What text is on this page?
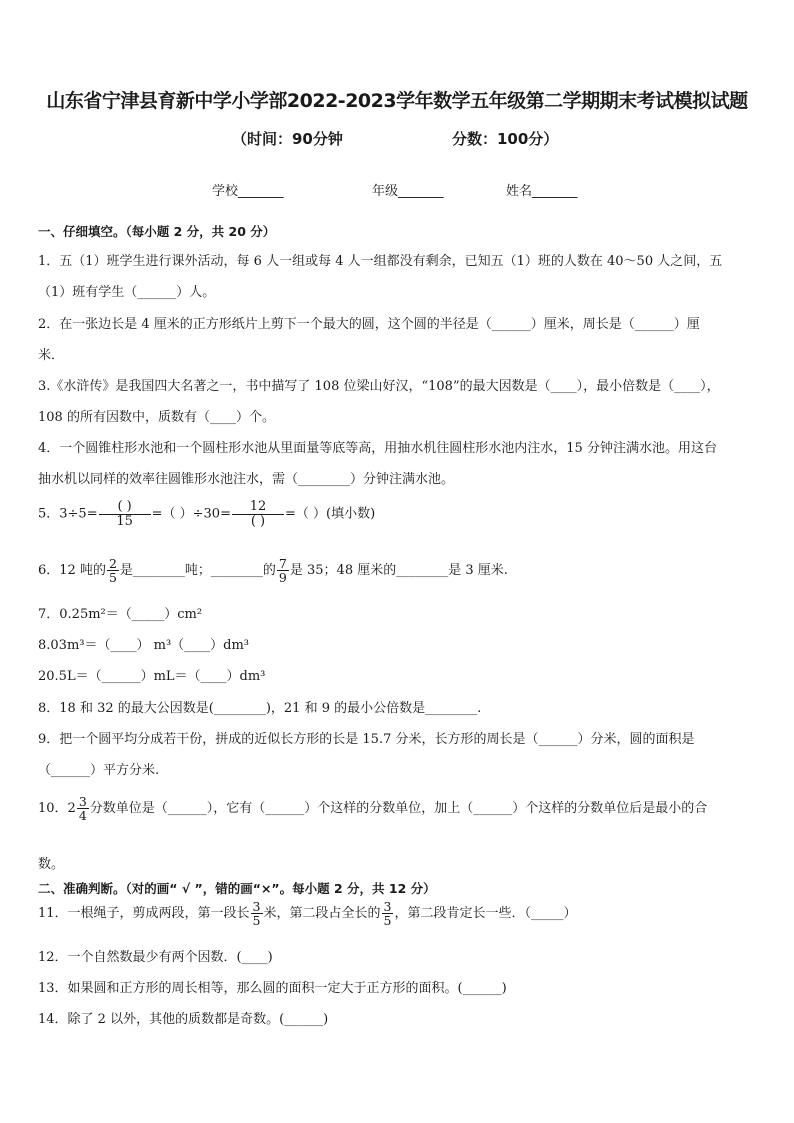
山东省宁津县育新中学小学部2022-2023学年数学五年级第二学期期末考试模拟试题
（时间：90分钟	分数：100分）
学校_______	年级_______	姓名_______
一、仔细填空。（每小题 2 分，共 20 分）
1．五（1）班学生进行课外活动，每 6 人一组或每 4 人一组都没有剩余，已知五（1）班的人数在 40～50 人之间，五
（1）班有学生（______）人。
2．在一张边长是 4 厘米的正方形纸片上剪下一个最大的圆，这个圆的半径是（______）厘米，周长是（______）厘
米．
3.《水浒传》是我国四大名著之一，书中描写了 108 位梁山好汉，“108”的最大因数是（____），最小倍数是（____），
108 的所有因数中，质数有（____）个。
4．一个圆锥柱形水池和一个圆柱形水池从里面量等底等高，用抽水机往圆柱形水池内注水，15 分钟注满水池。用这台
抽水机以同样的效率往圆锥形水池注水，需（________）分钟注满水池。
5．$3\div 5= \frac{( )}{15}$ =（ ）$\div 30= \frac{12}{( )}$ =（ ）(填小数)
6．12 吨的 $\frac{2}{5}$ 是________吨；________的 $\frac{7}{9}$ 是 35；48 厘米的________是 3 厘米.
7．0.25m²＝（_____）cm²
8.03m³＝（____） m³（____）dm³
20.5L＝（______）mL＝（____）dm³
8．18 和 32 的最大公因数是(________)，21 和 9 的最小公倍数是________.
9．把一个圆平均分成若干份，拼成的近似长方形的长是 15.7 分米，长方形的周长是（______）分米，圆的面积是
（______）平方分米.
10．$2 \frac{3}{4}$ 分数单位是（______），它有（______）个这样的分数单位，加上（______）个这样的分数单位后是最小的合
数。
二、准确判断。（对的画“ √ ”，错的画“×”。每小题 2 分，共 12 分）
11．一根绳子，剪成两段，第一段长 $\frac{3}{5}$ 米，第二段占全长的 $\frac{3}{5}$ ，第二段肯定长一些．（_____）
12．一个自然数最少有两个因数．(____)
13．如果圆和正方形的周长相等，那么圆的面积一定大于正方形的面积。(______)
14．除了 2 以外，其他的质数都是奇数。(______)
